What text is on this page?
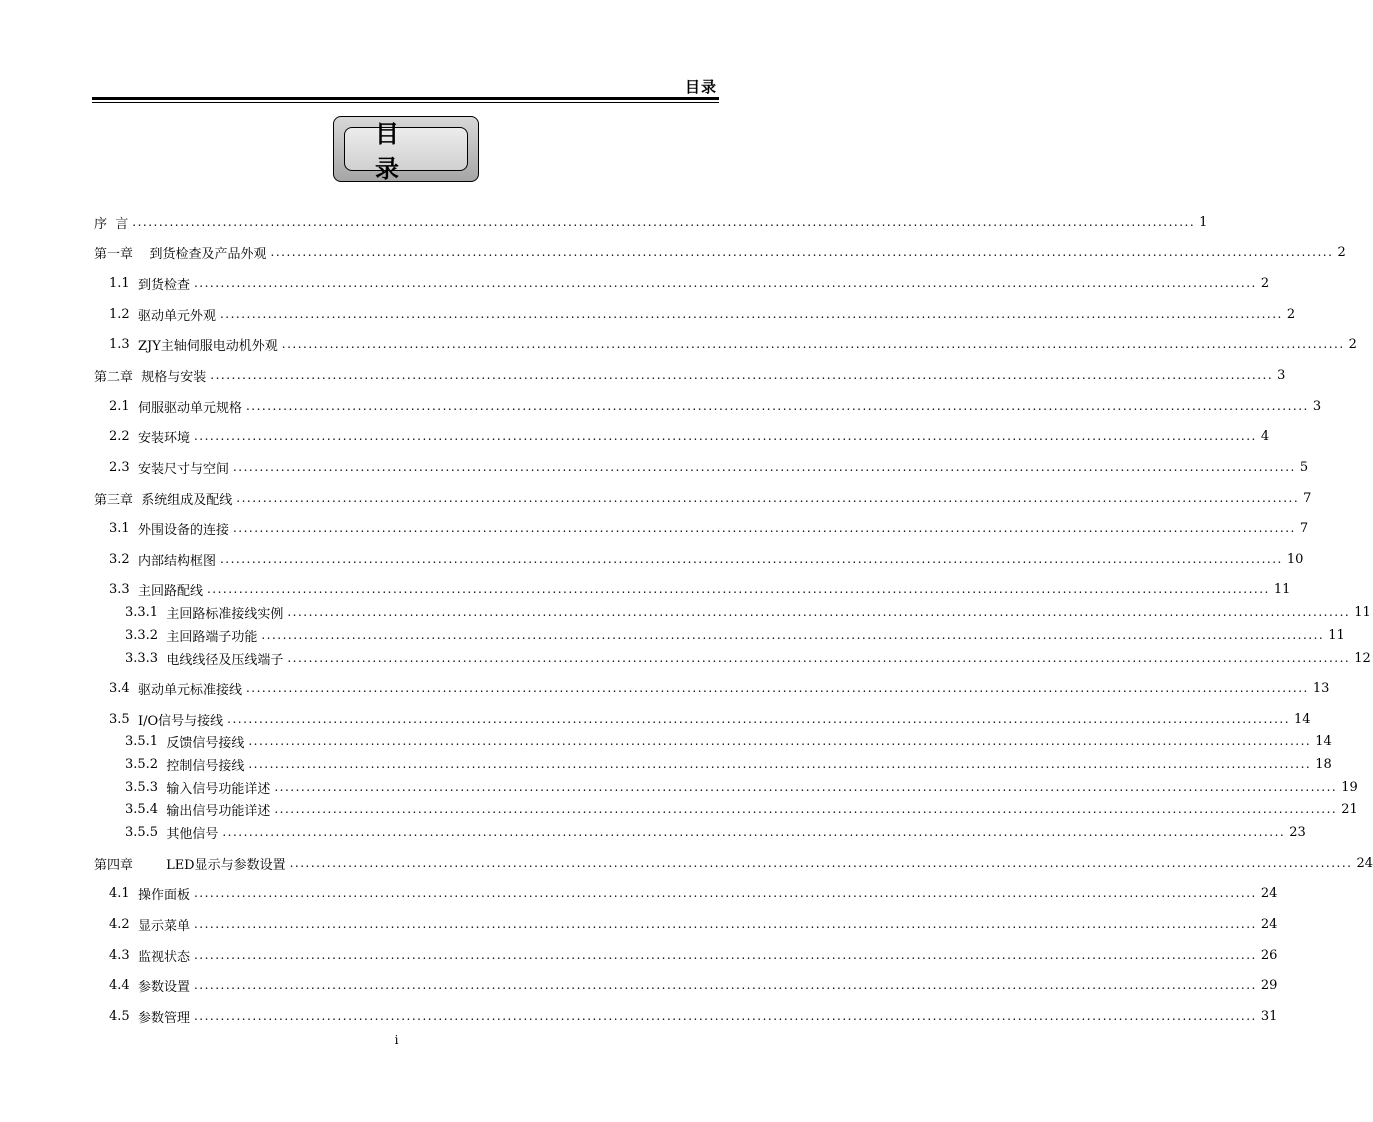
目录
目录
序  言 ........................................................................................................................................................................................................ 1
第一章 到货检查及产品外观 ........................................................................................................................................................................................................ 2
1.1 到货检查 ........................................................................................................................................................................................................ 2
1.2 驱动单元外观 ........................................................................................................................................................................................................ 2
1.3 ZJY主轴伺服电动机外观 ........................................................................................................................................................................................................ 2
第二章 规格与安装 ........................................................................................................................................................................................................ 3
2.1 伺服驱动单元规格 ........................................................................................................................................................................................................ 3
2.2 安装环境 ........................................................................................................................................................................................................ 4
2.3 安装尺寸与空间 ........................................................................................................................................................................................................ 5
第三章 系统组成及配线 ........................................................................................................................................................................................................ 7
3.1 外围设备的连接 ........................................................................................................................................................................................................ 7
3.2 内部结构框图 ........................................................................................................................................................................................................ 10
3.3 主回路配线 ........................................................................................................................................................................................................ 11
3.3.1 主回路标准接线实例 ........................................................................................................................................................................................................ 11
3.3.2 主回路端子功能 ........................................................................................................................................................................................................ 11
3.3.3 电线线径及压线端子 ........................................................................................................................................................................................................ 12
3.4 驱动单元标准接线 ........................................................................................................................................................................................................ 13
3.5 I/O信号与接线 ........................................................................................................................................................................................................ 14
3.5.1 反馈信号接线 ........................................................................................................................................................................................................ 14
3.5.2 控制信号接线 ........................................................................................................................................................................................................ 18
3.5.3 输入信号功能详述 ........................................................................................................................................................................................................ 19
3.5.4 输出信号功能详述 ........................................................................................................................................................................................................ 21
3.5.5 其他信号 ........................................................................................................................................................................................................ 23
第四章 LED显示与参数设置 ........................................................................................................................................................................................................ 24
4.1 操作面板 ........................................................................................................................................................................................................ 24
4.2 显示菜单 ........................................................................................................................................................................................................ 24
4.3 监视状态 ........................................................................................................................................................................................................ 26
4.4 参数设置 ........................................................................................................................................................................................................ 29
4.5 参数管理 ........................................................................................................................................................................................................ 31
i
